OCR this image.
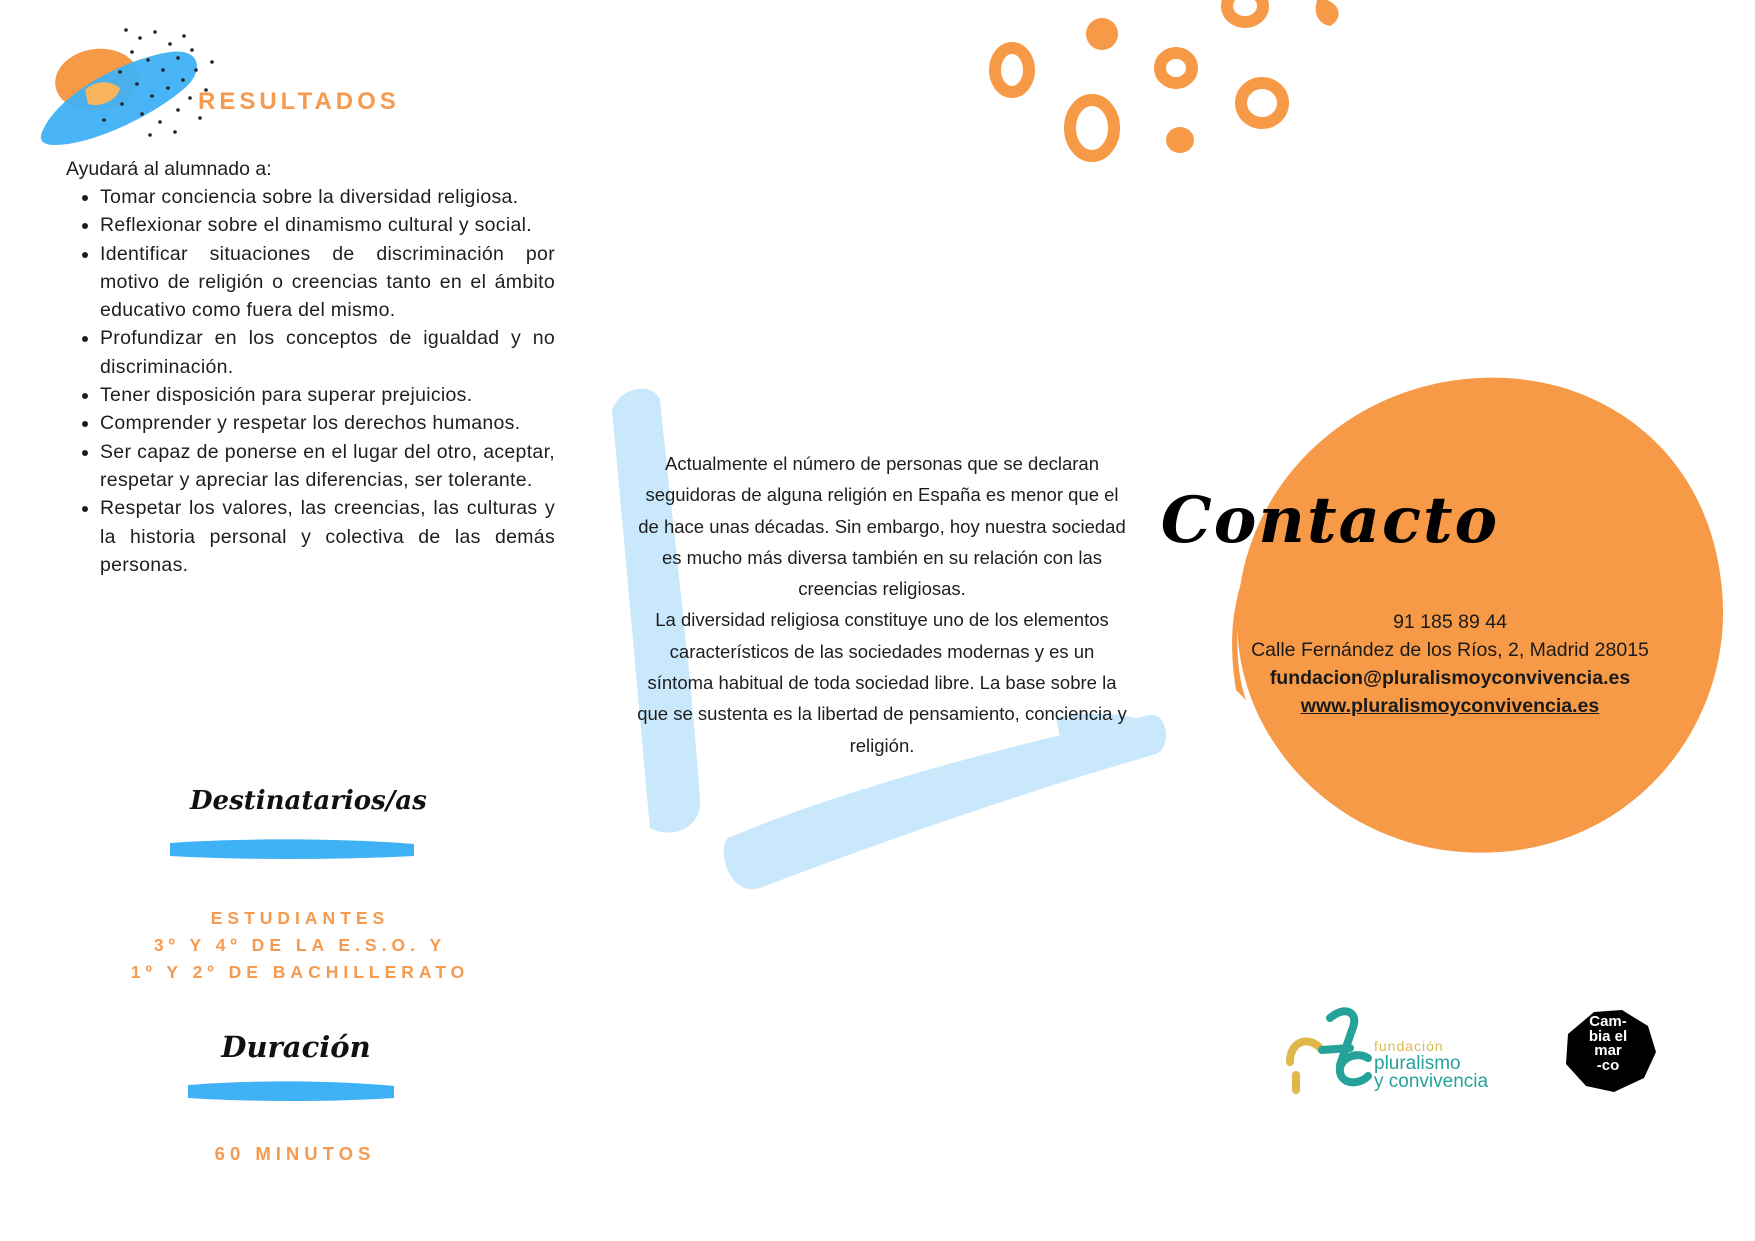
RESULTADOS
Ayudará al alumnado a:
• Tomar conciencia sobre la diversidad religiosa.
• Reflexionar sobre el dinamismo cultural y social.
• Identificar situaciones de discriminación por motivo de religión o creencias tanto en el ámbito educativo como fuera del mismo.
• Profundizar en los conceptos de igualdad y no discriminación.
• Tener disposición para superar prejuicios.
• Comprender y respetar los derechos humanos.
• Ser capaz de ponerse en el lugar del otro, aceptar, respetar y apreciar las diferencias, ser tolerante.
• Respetar los valores, las creencias, las culturas y la historia personal y colectiva de las demás personas.
Destinatarios/as
ESTUDIANTES
3º Y 4º DE LA E.S.O. Y
1º Y 2º DE BACHILLERATO
Duración
60 MINUTOS
Actualmente el número de personas que se declaran seguidoras de alguna religión en España es menor que el de hace unas décadas. Sin embargo, hoy nuestra sociedad es mucho más diversa también en su relación con las creencias religiosas.
La diversidad religiosa constituye uno de los elementos característicos de las sociedades modernas y es un síntoma habitual de toda sociedad libre. La base sobre la que se sustenta es la libertad de pensamiento, conciencia y religión.
Contacto
91 185 89 44
Calle Fernández de los Ríos, 2, Madrid 28015
fundacion@pluralismoyconvivencia.es
www.pluralismoyconvivencia.es
fundación
pluralismo
y convivencia
Cam-
bia el
mar
-co
